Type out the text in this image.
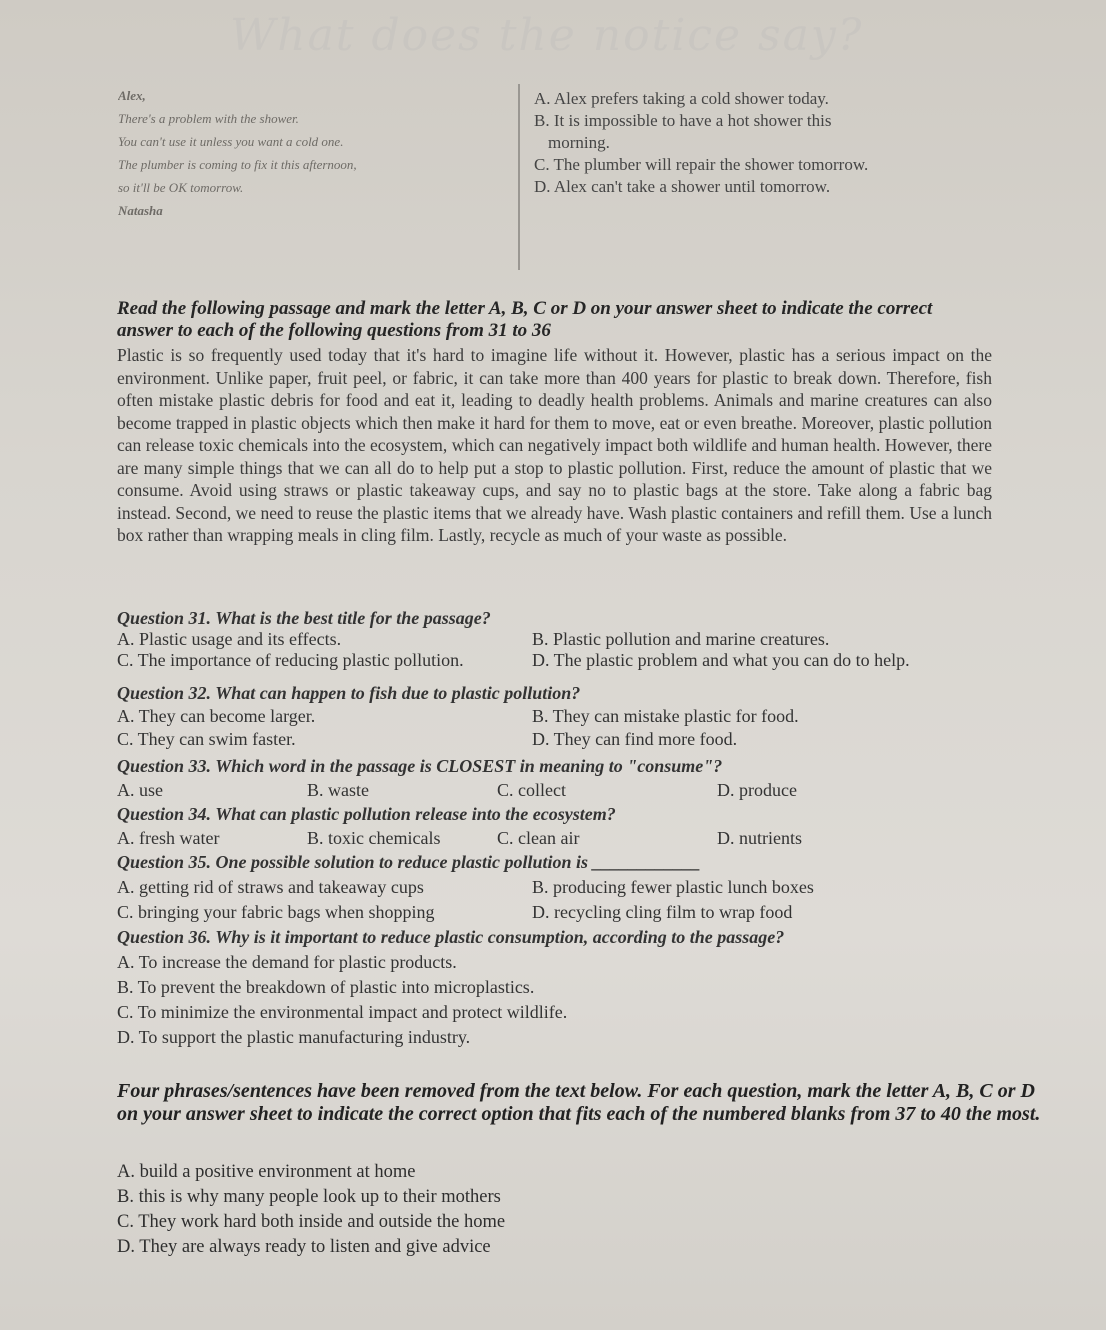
What does the notice say?
Alex,
There's a problem with the shower.
You can't use it unless you want a cold one.
The plumber is coming to fix it this afternoon,
so it'll be OK tomorrow.
Natasha
A. Alex prefers taking a cold shower today.
B. It is impossible to have a hot shower this
morning.
C. The plumber will repair the shower tomorrow.
D. Alex can't take a shower until tomorrow.
Read the following passage and mark the letter A, B, C or D on your answer sheet to indicate the correct answer to each of the following questions from 31 to 36
Plastic is so frequently used today that it's hard to imagine life without it. However, plastic has a serious impact on the environment. Unlike paper, fruit peel, or fabric, it can take more than 400 years for plastic to break down. Therefore, fish often mistake plastic debris for food and eat it, leading to deadly health problems. Animals and marine creatures can also become trapped in plastic objects which then make it hard for them to move, eat or even breathe. Moreover, plastic pollution can release toxic chemicals into the ecosystem, which can negatively impact both wildlife and human health. However, there are many simple things that we can all do to help put a stop to plastic pollution. First, reduce the amount of plastic that we consume. Avoid using straws or plastic takeaway cups, and say no to plastic bags at the store. Take along a fabric bag instead. Second, we need to reuse the plastic items that we already have. Wash plastic containers and refill them. Use a lunch box rather than wrapping meals in cling film. Lastly, recycle as much of your waste as possible.
Question 31. What is the best title for the passage?
A. Plastic usage and its effects.	B. Plastic pollution and marine creatures.
C. The importance of reducing plastic pollution.	D. The plastic problem and what you can do to help.
Question 32. What can happen to fish due to plastic pollution?
A. They can become larger.	B. They can mistake plastic for food.
C. They can swim faster.	D. They can find more food.
Question 33. Which word in the passage is CLOSEST in meaning to "consume"?
A. use	B. waste	C. collect	D. produce
Question 34. What can plastic pollution release into the ecosystem?
A. fresh water	B. toxic chemicals	C. clean air	D. nutrients
Question 35. One possible solution to reduce plastic pollution is ____________
A. getting rid of straws and takeaway cups	B. producing fewer plastic lunch boxes
C. bringing your fabric bags when shopping	D. recycling cling film to wrap food
Question 36. Why is it important to reduce plastic consumption, according to the passage?
A. To increase the demand for plastic products.
B. To prevent the breakdown of plastic into microplastics.
C. To minimize the environmental impact and protect wildlife.
D. To support the plastic manufacturing industry.
Four phrases/sentences have been removed from the text below. For each question, mark the letter A, B, C or D on your answer sheet to indicate the correct option that fits each of the numbered blanks from 37 to 40 the most.
A. build a positive environment at home
B. this is why many people look up to their mothers
C. They work hard both inside and outside the home
D. They are always ready to listen and give advice
